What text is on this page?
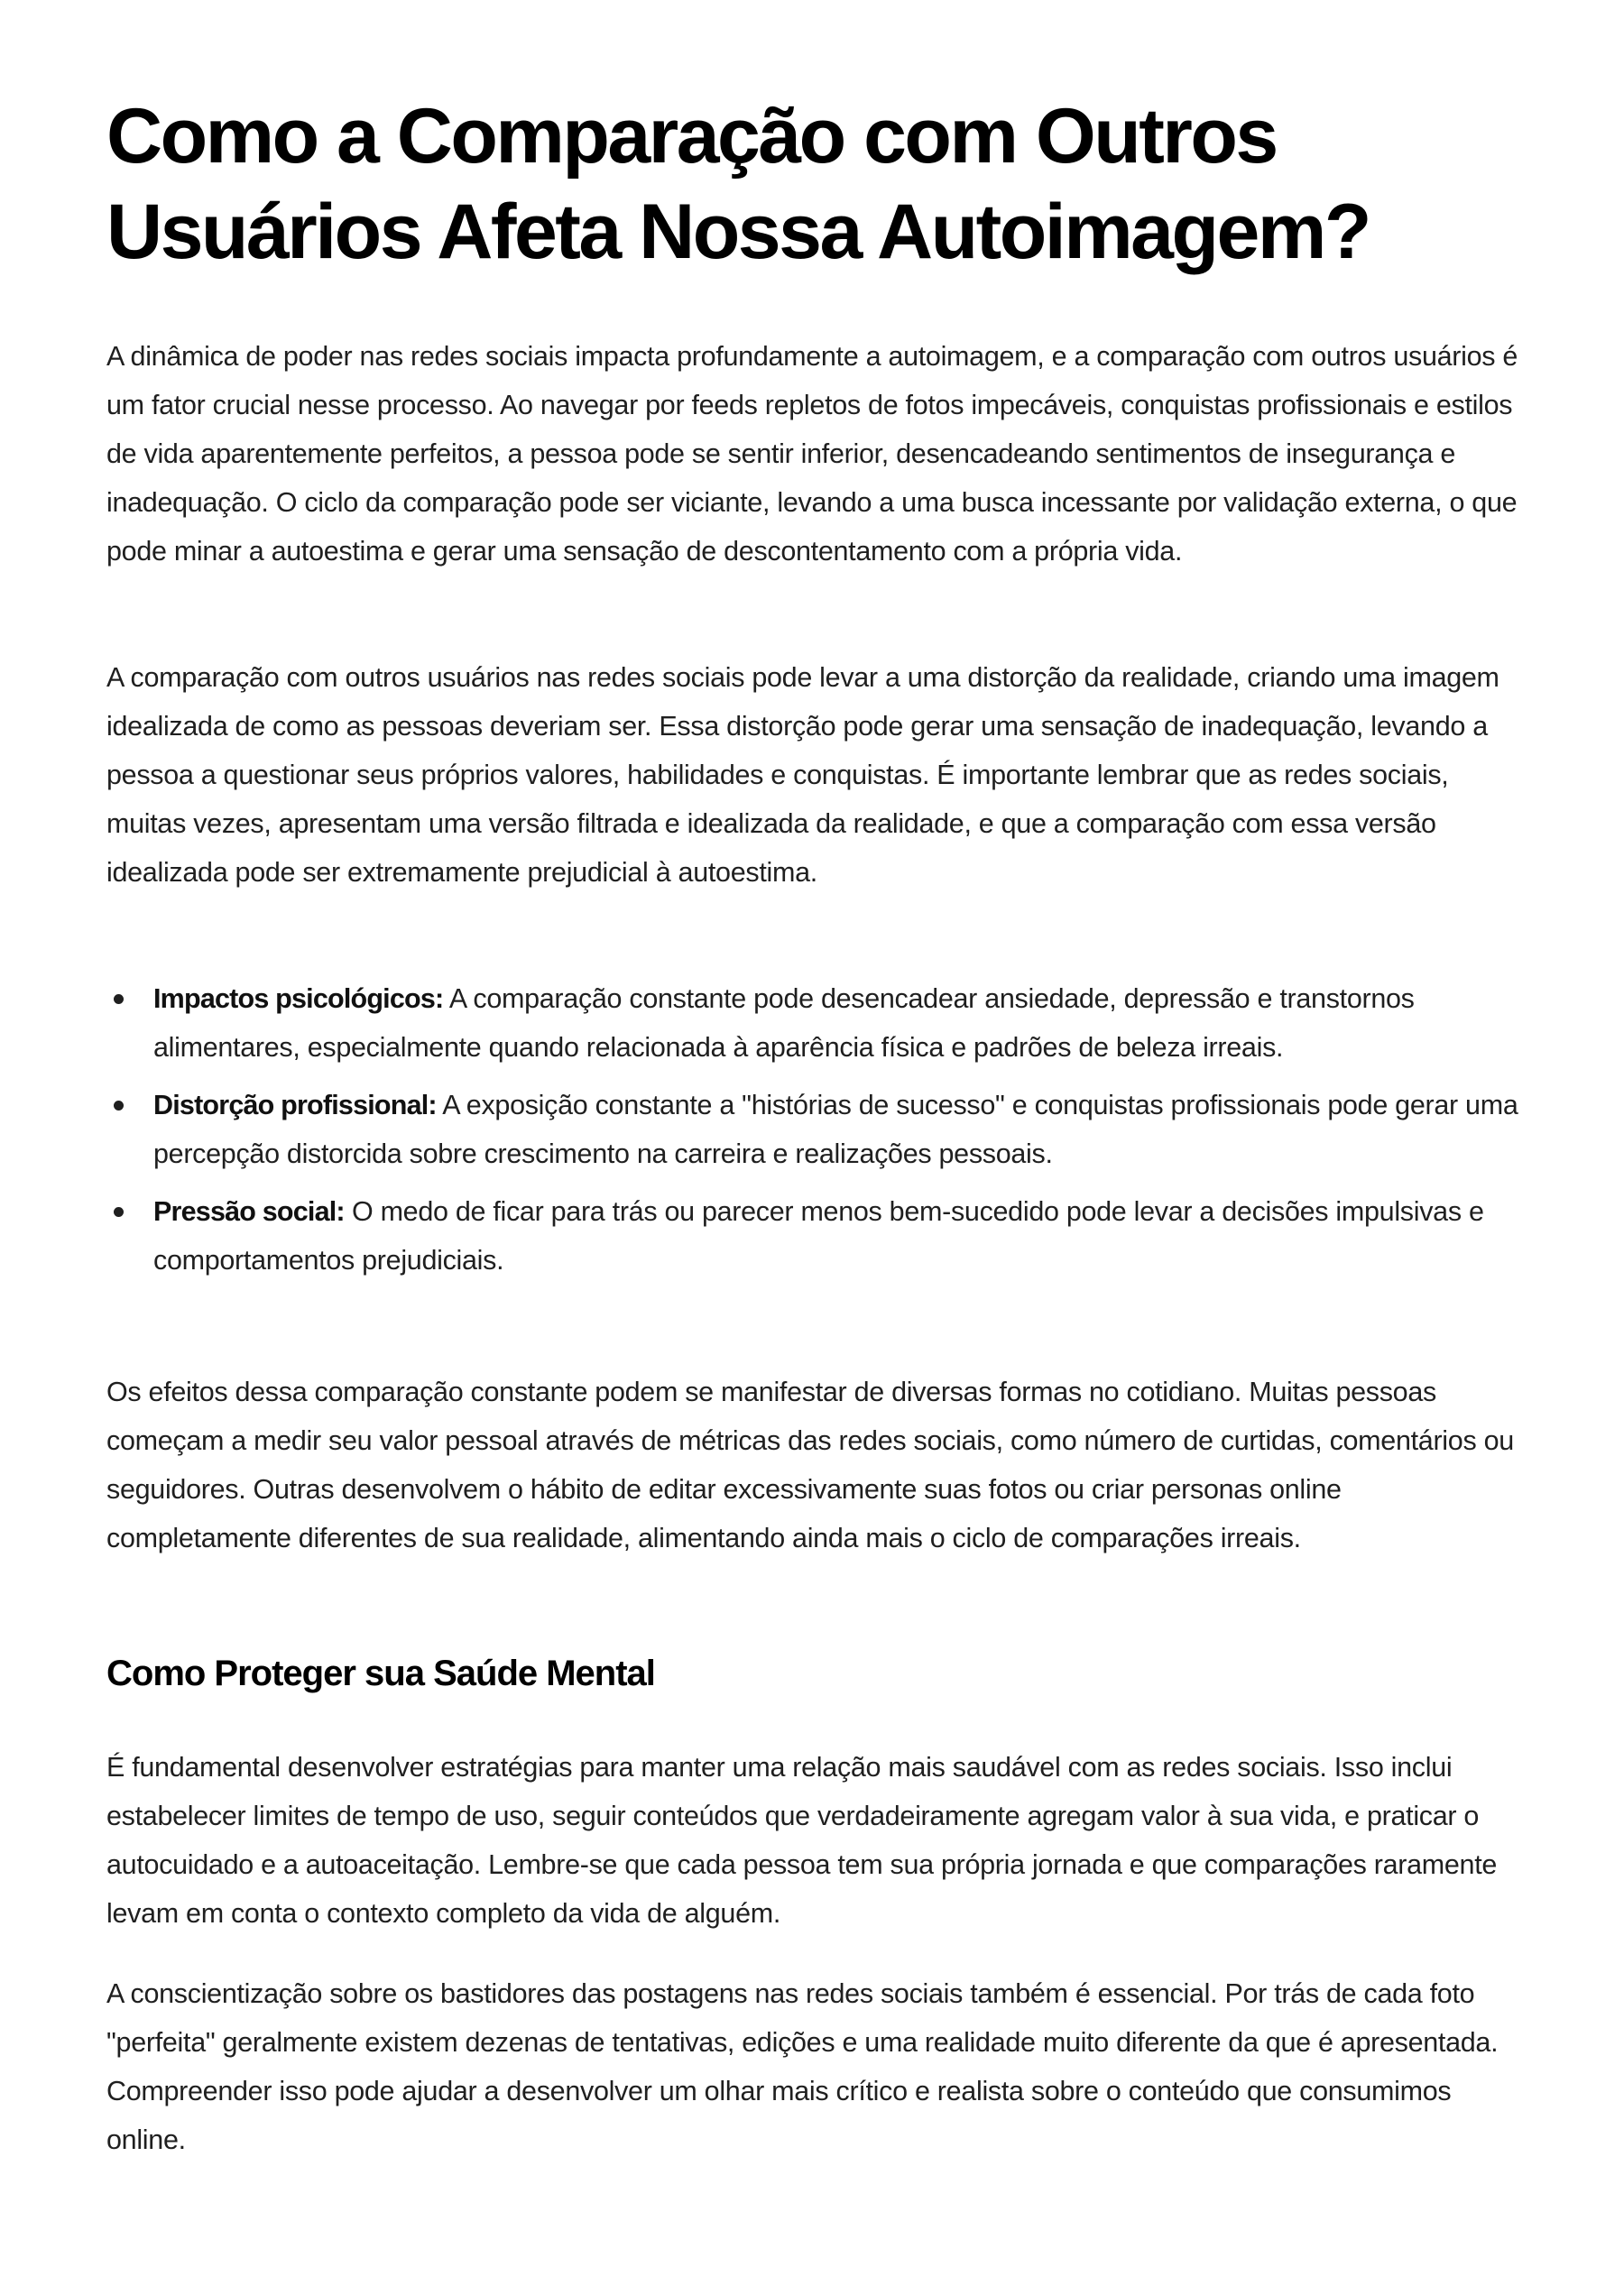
Como a Comparação com Outros Usuários Afeta Nossa Autoimagem?

A dinâmica de poder nas redes sociais impacta profundamente a autoimagem, e a comparação com outros usuários é um fator crucial nesse processo. Ao navegar por feeds repletos de fotos impecáveis, conquistas profissionais e estilos de vida aparentemente perfeitos, a pessoa pode se sentir inferior, desencadeando sentimentos de insegurança e inadequação. O ciclo da comparação pode ser viciante, levando a uma busca incessante por validação externa, o que pode minar a autoestima e gerar uma sensação de descontentamento com a própria vida.

A comparação com outros usuários nas redes sociais pode levar a uma distorção da realidade, criando uma imagem idealizada de como as pessoas deveriam ser. Essa distorção pode gerar uma sensação de inadequação, levando a pessoa a questionar seus próprios valores, habilidades e conquistas. É importante lembrar que as redes sociais, muitas vezes, apresentam uma versão filtrada e idealizada da realidade, e que a comparação com essa versão idealizada pode ser extremamente prejudicial à autoestima.

Impactos psicológicos: A comparação constante pode desencadear ansiedade, depressão e transtornos alimentares, especialmente quando relacionada à aparência física e padrões de beleza irreais.
Distorção profissional: A exposição constante a "histórias de sucesso" e conquistas profissionais pode gerar uma percepção distorcida sobre crescimento na carreira e realizações pessoais.
Pressão social: O medo de ficar para trás ou parecer menos bem-sucedido pode levar a decisões impulsivas e comportamentos prejudiciais.

Os efeitos dessa comparação constante podem se manifestar de diversas formas no cotidiano. Muitas pessoas começam a medir seu valor pessoal através de métricas das redes sociais, como número de curtidas, comentários ou seguidores. Outras desenvolvem o hábito de editar excessivamente suas fotos ou criar personas online completamente diferentes de sua realidade, alimentando ainda mais o ciclo de comparações irreais.

Como Proteger sua Saúde Mental

É fundamental desenvolver estratégias para manter uma relação mais saudável com as redes sociais. Isso inclui estabelecer limites de tempo de uso, seguir conteúdos que verdadeiramente agregam valor à sua vida, e praticar o autocuidado e a autoaceitação. Lembre-se que cada pessoa tem sua própria jornada e que comparações raramente levam em conta o contexto completo da vida de alguém.

A conscientização sobre os bastidores das postagens nas redes sociais também é essencial. Por trás de cada foto "perfeita" geralmente existem dezenas de tentativas, edições e uma realidade muito diferente da que é apresentada. Compreender isso pode ajudar a desenvolver um olhar mais crítico e realista sobre o conteúdo que consumimos online.
